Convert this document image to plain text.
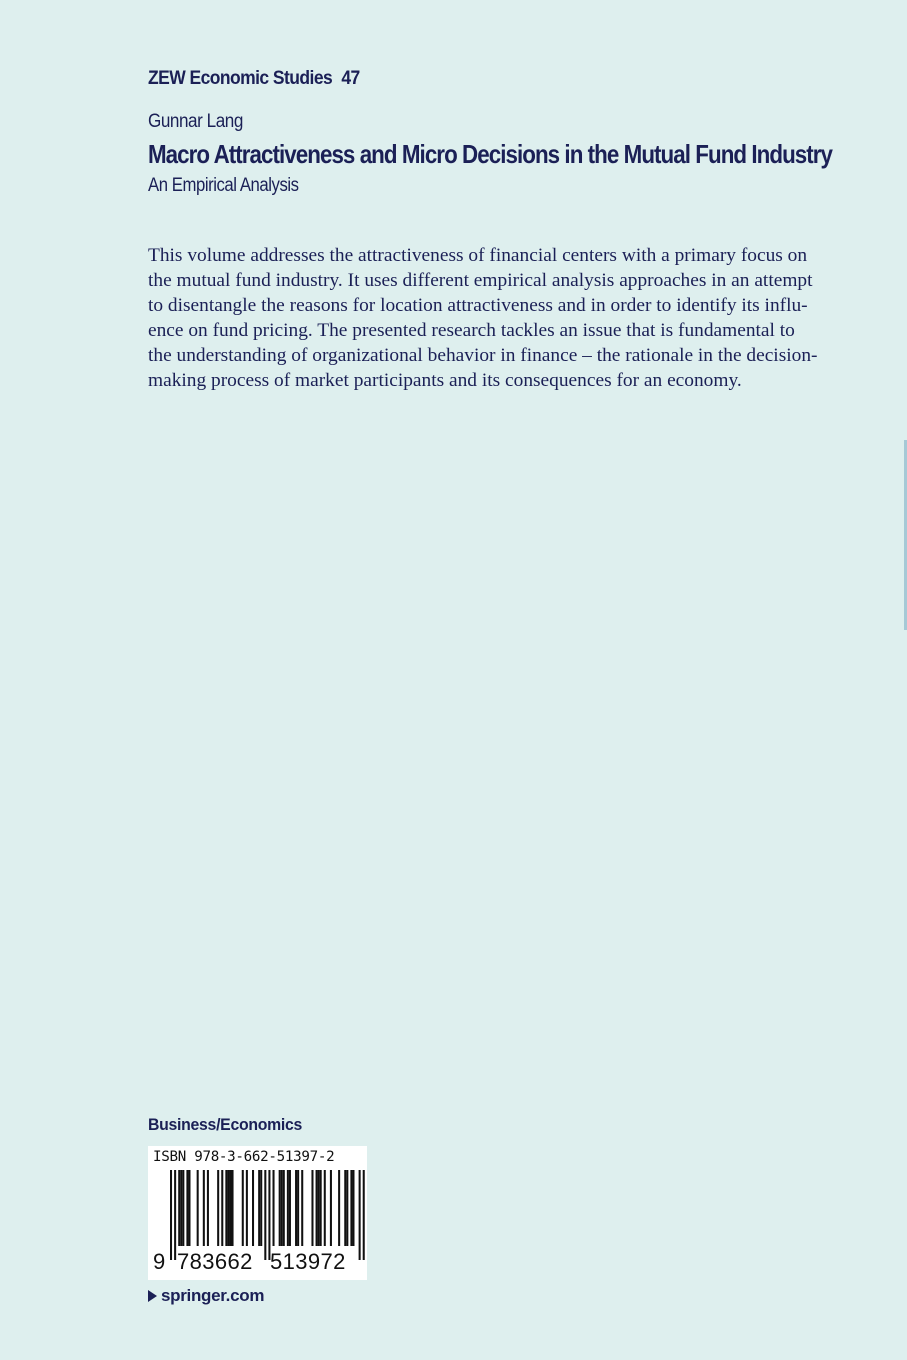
ZEW Economic Studies 47
Gunnar Lang
Macro Attractiveness and Micro Decisions in the Mutual Fund Industry
An Empirical Analysis
This volume addresses the attractiveness of financial centers with a primary focus on
the mutual fund industry. It uses different empirical analysis approaches in an attempt
to disentangle the reasons for location attractiveness and in order to identify its influ-
ence on fund pricing. The presented research tackles an issue that is fundamental to
the understanding of organizational behavior in finance – the rationale in the decision-
making process of market participants and its consequences for an economy.
Business/Economics
ISBN 978-3-662-51397-2
9 783662 513972
springer.com
